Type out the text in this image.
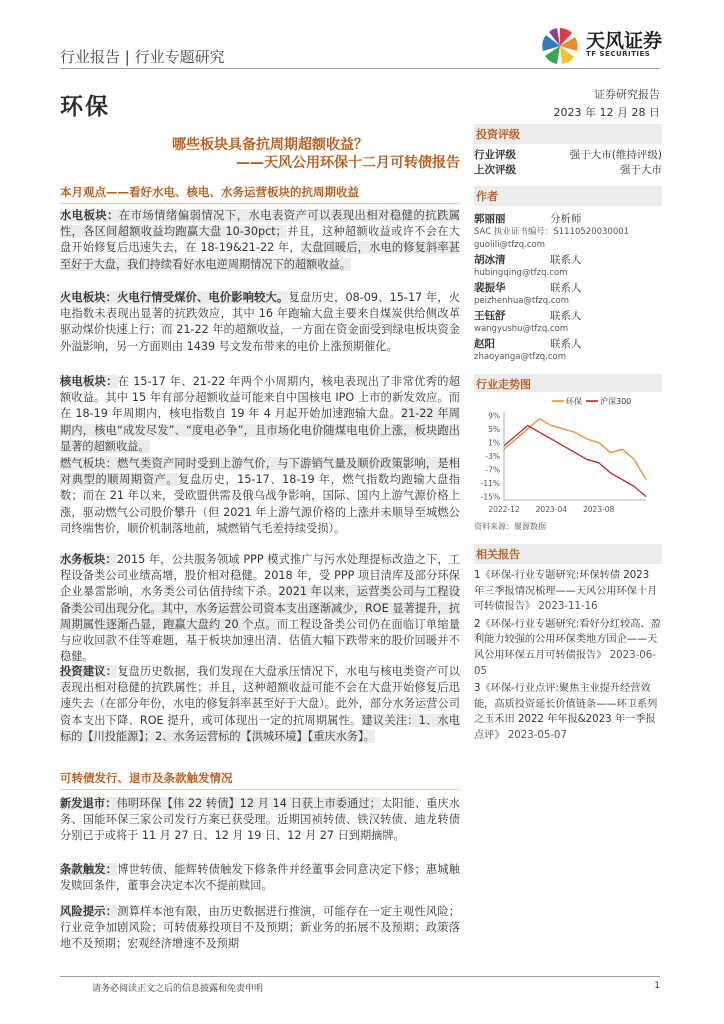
行业报告 | 行业专题研究
环保
天风证券
TF SECURITIES
证券研究报告
2023 年 12 月 28 日
哪些板块具备抗周期超额收益？
——天风公用环保十二月可转债报告
本月观点——看好水电、核电、水务运营板块的抗周期收益
水电板块：在市场情绪偏弱情况下，水电表资产可以表现出相对稳健的抗跌属性，各区间超额收益均跑赢大盘 10-30pct；并且，这种超额收益或许不会在大盘开始修复后迅速失去，在 18-19&21-22 年，大盘回暖后，水电的修复斜率甚至好于大盘，我们持续看好水电逆周期情况下的超额收益。
火电板块：火电行情受煤价、电价影响较大。复盘历史，08-09、15-17 年，火电指数未表现出显著的抗跌效应，其中 16 年跑输大盘主要来自煤炭供给侧改革驱动煤价快速上行；而 21-22 年的超额收益，一方面在资金面受到绿电板块资金外溢影响，另一方面则由 1439 号文发布带来的电价上涨预期催化。
核电板块：在 15-17 年、21-22 年两个小周期内，核电表现出了非常优秀的超额收益。其中 15 年有部分超额收益可能来自中国核电 IPO 上市的新发效应。而在 18-19 年周期内，核电指数自 19 年 4 月起开始加速跑输大盘。21-22 年周期内，核电“成发尽发”、“度电必争”，且市场化电价随煤电电价上涨，板块跑出显著的超额收益。
燃气板块：燃气类资产同时受到上游气价，与下游销气量及顺价政策影响，是相对典型的顺周期资产。复盘历史，15-17、18-19 年，燃气指数均跑输大盘指数；而在 21 年以来，受欧盟供需及俄乌战争影响，国际、国内上游气源价格上涨，驱动燃气公司股价攀升（但 2021 年上游气源价格的上涨并未顺导至城燃公司终端售价，顺价机制落地前，城燃销气毛差持续受损）。
水务板块：2015 年，公共服务领域 PPP 模式推广与污水处理提标改造之下，工程设备类公司业绩高增，股价相对稳健。2018 年，受 PPP 项目清库及部分环保企业暴雷影响，水务类公司估值持续下杀。2021 年以来，运营类公司与工程设备类公司出现分化。其中，水务运营公司资本支出逐渐减少，ROE 显著提升，抗周期属性逐渐凸显，跑赢大盘约 20 个点。而工程设备类公司仍在面临订单缩量与应收回款不佳等难题，基于板块加速出清、估值大幅下跌带来的股价回暖并不稳健。
投资建议：复盘历史数据，我们发现在大盘承压情况下，水电与核电类资产可以表现出相对稳健的抗跌属性；并且，这种超额收益可能不会在大盘开始修复后迅速失去（在部分年份，水电的修复斜率甚至好于大盘）。此外，部分水务运营公司资本支出下降、ROE 提升，或可体现出一定的抗周期属性。建议关注：1、水电标的【川投能源】；2、水务运营标的【洪城环境】【重庆水务】。
可转债发行、退市及条款触发情况
新发退市：伟明环保【伟 22 转债】12 月 14 日获上市委通过；太阳能、重庆水务、国能环保三家公司发行方案已获受理。近期国祯转债、铁汉转债、迪龙转债分别已于或将于 11 月 27 日、12 月 19 日、12 月 27 日到期摘牌。
条款触发：博世转债、能辉转债触发下修条件并经董事会同意决定下修；惠城触发赎回条件，董事会决定本次不提前赎回。
风险提示：测算样本池有限，由历史数据进行推演，可能存在一定主观性风险；行业竞争加剧风险；可转债募投项目不及预期；新业务的拓展不及预期；政策落地不及预期；宏观经济增速不及预期
投资评级
行业评级	强于大市(维持评级)
上次评级	强于大市
作者
郭丽丽	分析师
SAC 执业证书编号：S1110520030001
guolili@tfzq.com
胡冰清	联系人
hubingqing@tfzq.com
裴振华	联系人
peizhenhua@tfzq.com
王钰舒	联系人
wangyushu@tfzq.com
赵阳	联系人
zhaoyanga@tfzq.com
行业走势图
环保 沪深300
9%
5%
1%
-3%
-7%
-11%
-15%
2022-12 2023-04 2023-08
资料来源：聚源数据
相关报告
1《环保-行业专题研究:环保转债 2023 年三季报情况梳理——天风公用环保十月可转债报告》 2023-11-16
2《环保-行业专题研究:看好分红较高、盈利能力较强的公用环保类地方国企——天风公用环保五月可转债报告》 2023-06-05
3《环保-行业点评:聚焦主业提升经营效能，高质投资延长价值链条——环卫系列之玉禾田 2022 年年报&2023 年一季报点评》 2023-05-07
请务必阅读正文之后的信息披露和免责申明	1
